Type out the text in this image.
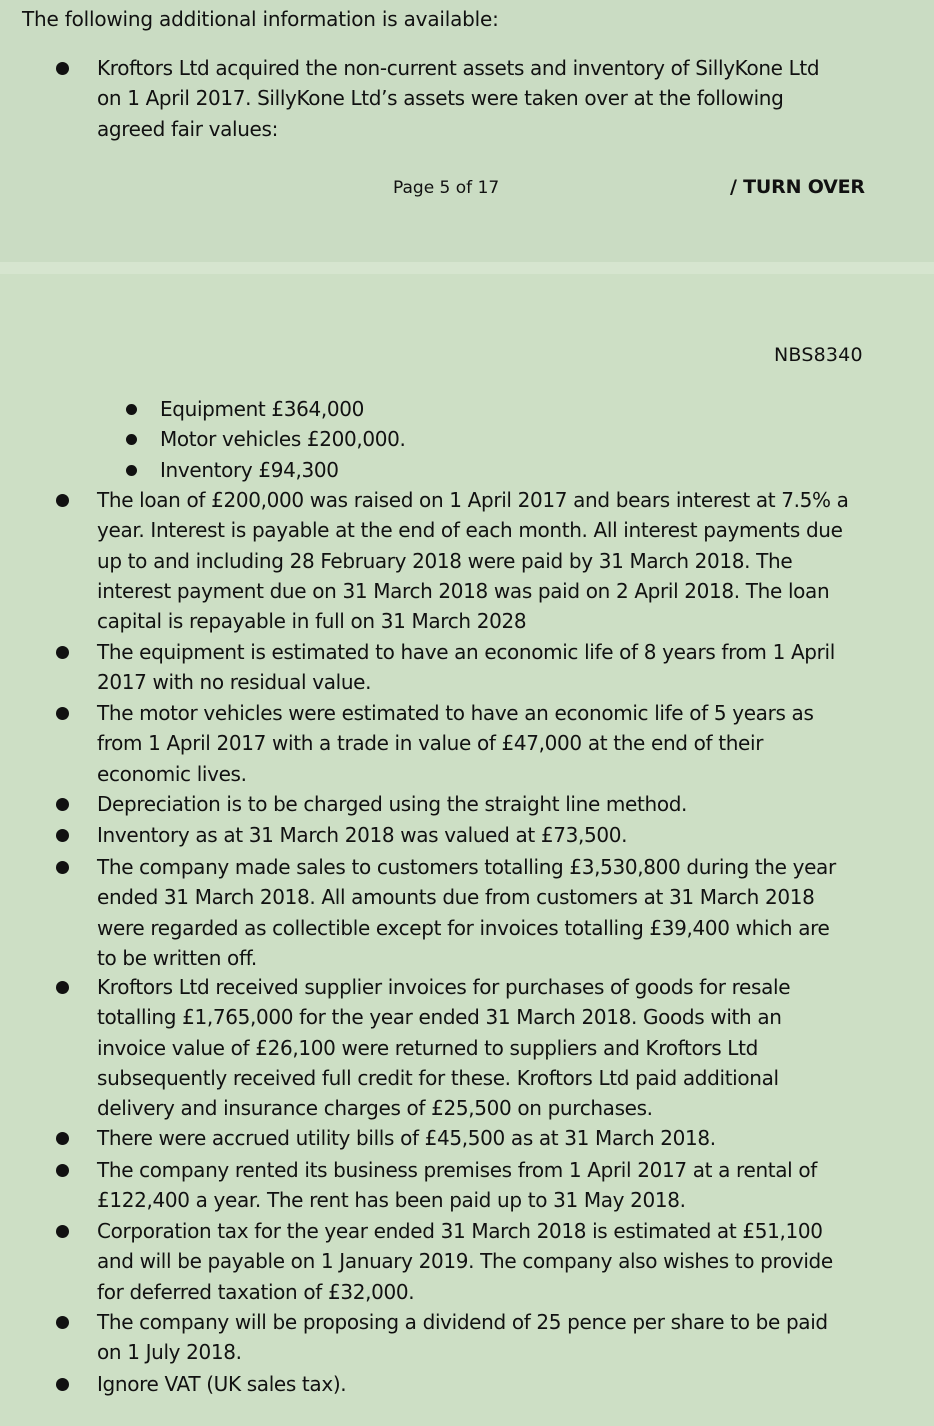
The following additional information is available:
Kroftors Ltd acquired the non-current assets and inventory of SillyKone Ltd
on 1 April 2017. SillyKone Ltd’s assets were taken over at the following
agreed fair values:
Page 5 of 17	/ TURN OVER
NBS8340
Equipment £364,000
Motor vehicles £200,000.
Inventory £94,300
The loan of £200,000 was raised on 1 April 2017 and bears interest at 7.5% a
year. Interest is payable at the end of each month. All interest payments due
up to and including 28 February 2018 were paid by 31 March 2018. The
interest payment due on 31 March 2018 was paid on 2 April 2018. The loan
capital is repayable in full on 31 March 2028
The equipment is estimated to have an economic life of 8 years from 1 April
2017 with no residual value.
The motor vehicles were estimated to have an economic life of 5 years as
from 1 April 2017 with a trade in value of £47,000 at the end of their
economic lives.
Depreciation is to be charged using the straight line method.
Inventory as at 31 March 2018 was valued at £73,500.
The company made sales to customers totalling £3,530,800 during the year
ended 31 March 2018. All amounts due from customers at 31 March 2018
were regarded as collectible except for invoices totalling £39,400 which are
to be written off.
Kroftors Ltd received supplier invoices for purchases of goods for resale
totalling £1,765,000 for the year ended 31 March 2018. Goods with an
invoice value of £26,100 were returned to suppliers and Kroftors Ltd
subsequently received full credit for these. Kroftors Ltd paid additional
delivery and insurance charges of £25,500 on purchases.
There were accrued utility bills of £45,500 as at 31 March 2018.
The company rented its business premises from 1 April 2017 at a rental of
£122,400 a year. The rent has been paid up to 31 May 2018.
Corporation tax for the year ended 31 March 2018 is estimated at £51,100
and will be payable on 1 January 2019. The company also wishes to provide
for deferred taxation of £32,000.
The company will be proposing a dividend of 25 pence per share to be paid
on 1 July 2018.
Ignore VAT (UK sales tax).
